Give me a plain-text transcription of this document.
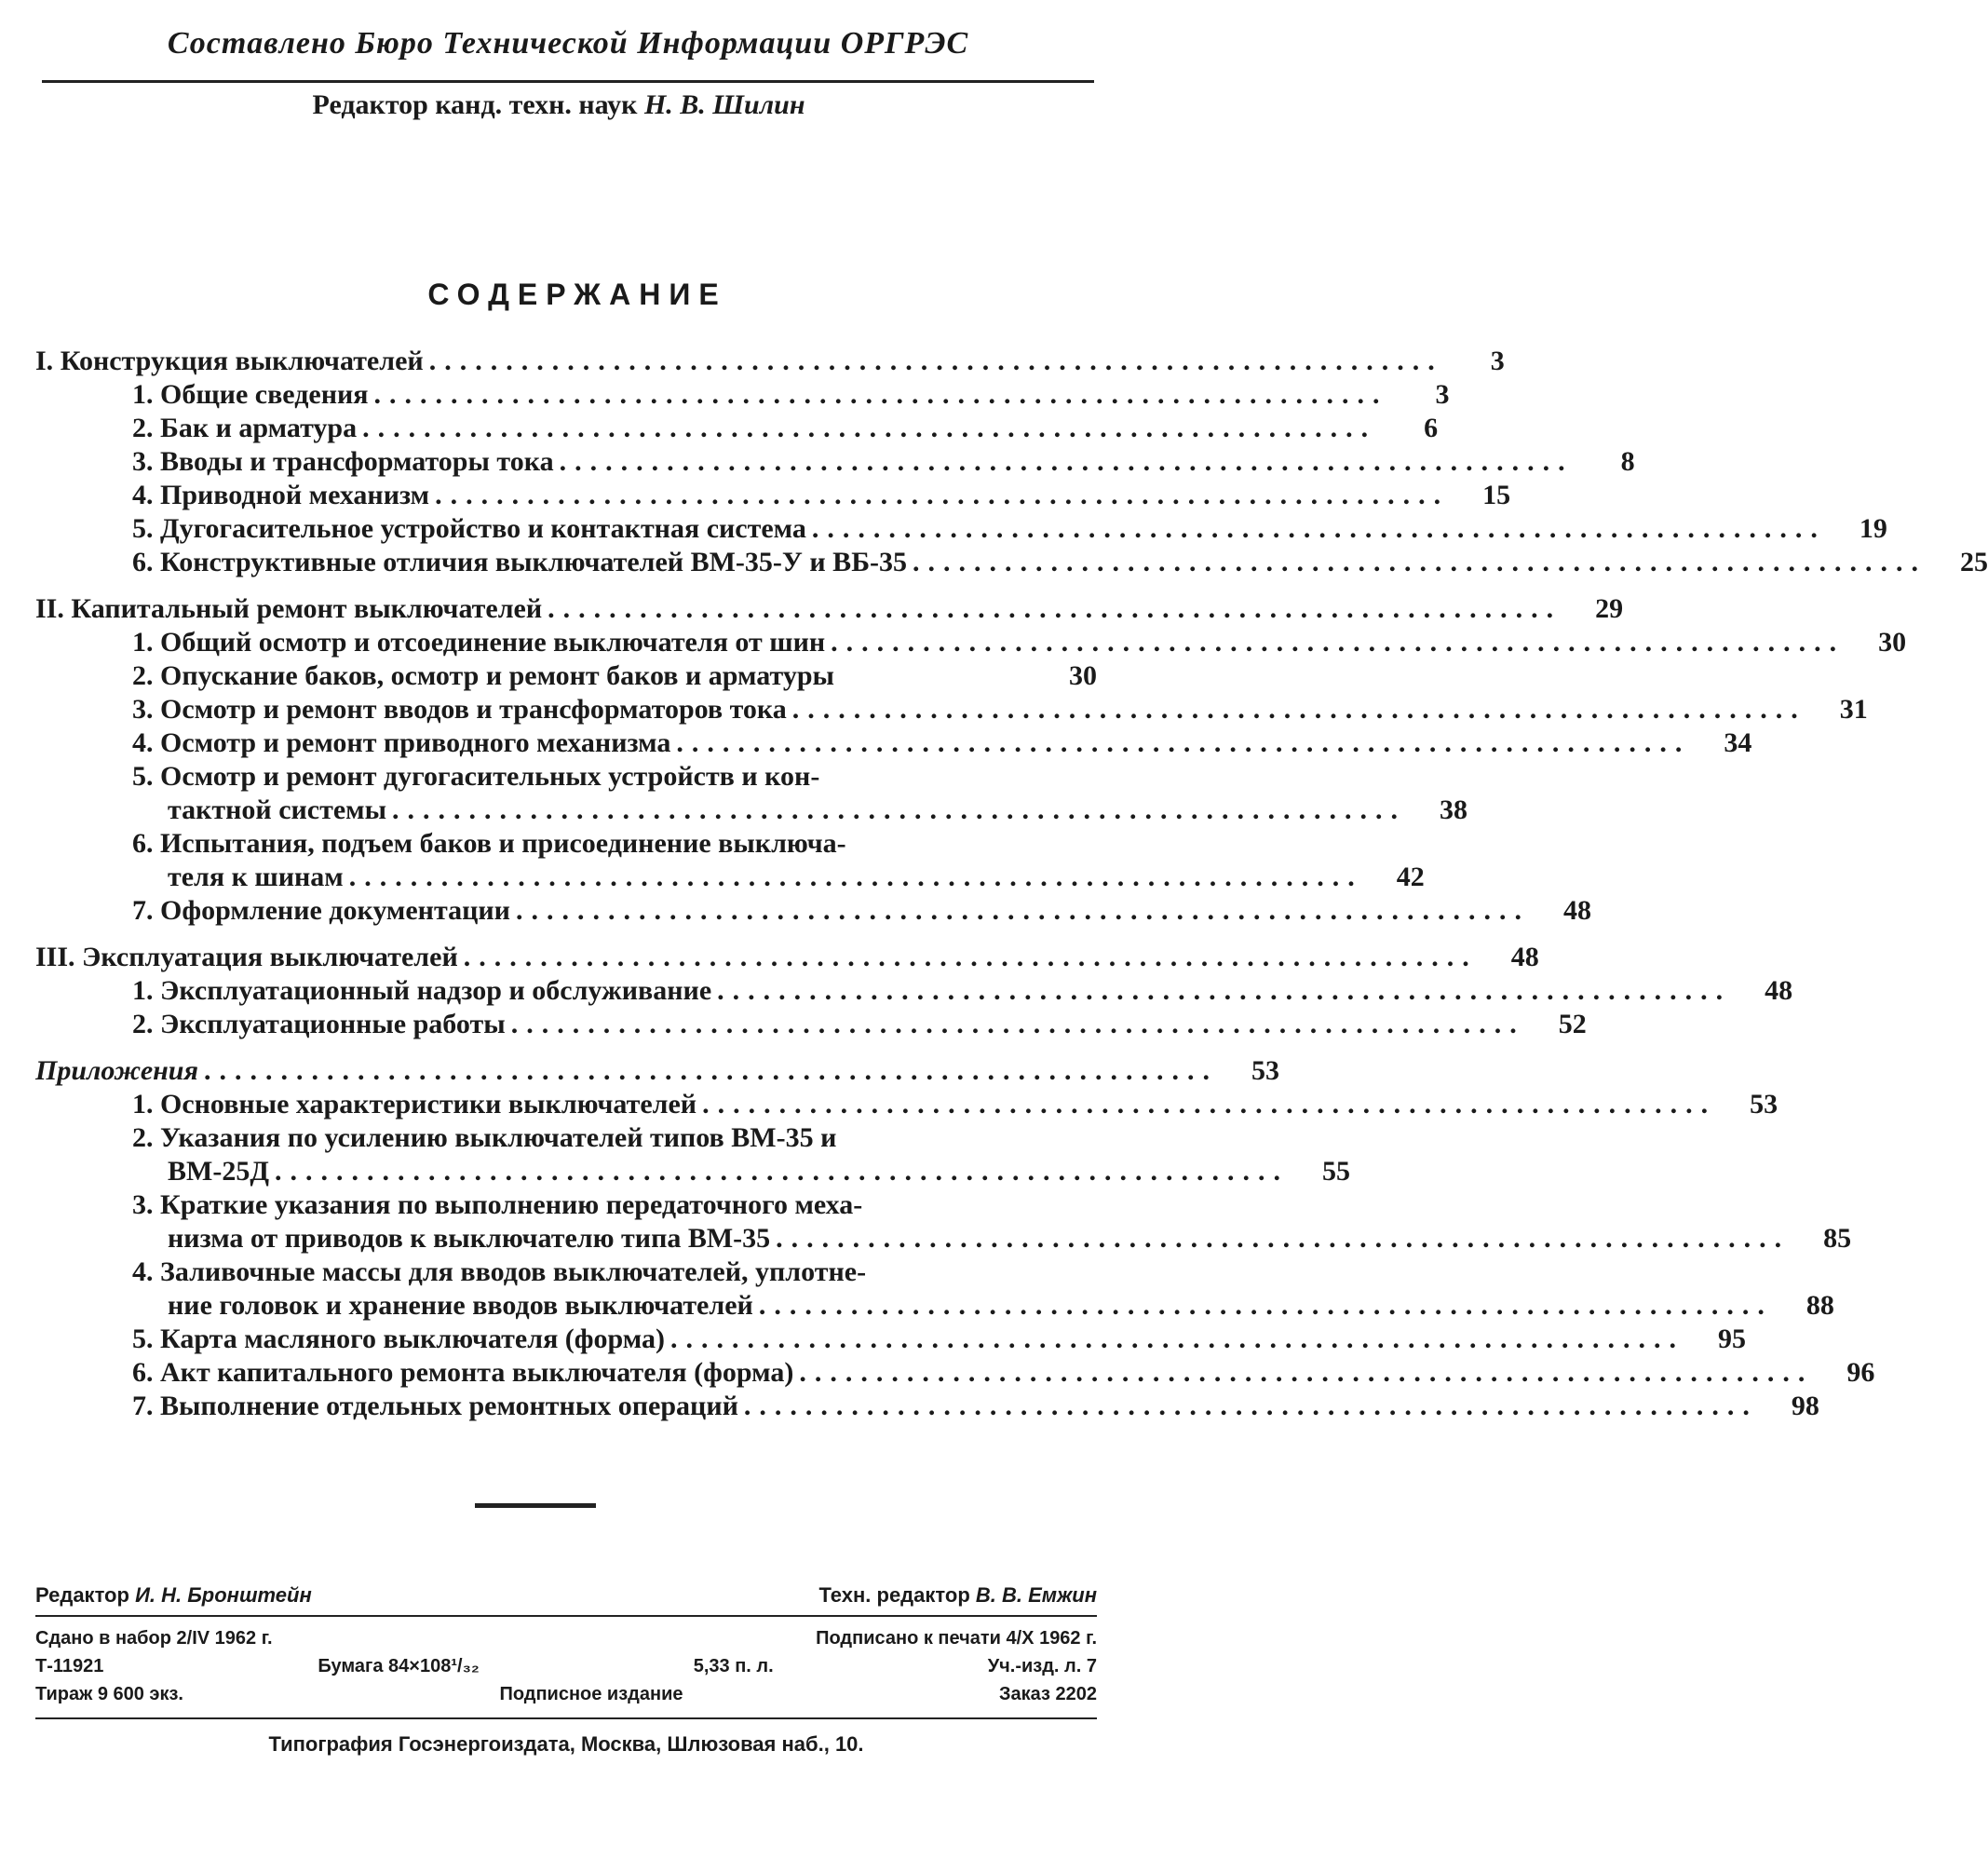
Составлено Бюро Технической Информации ОРГРЭС
Редактор канд. техн. наук Н. В. Шилин
СОДЕРЖАНИЕ
I. Конструкция выключателей ..................................................................	3
1. Общие сведения ..................................................................	3
2. Бак и арматура ..................................................................	6
3. Вводы и трансформаторы тока ..................................................................	8
4. Приводной механизм ..................................................................	15
5. Дугогасительное устройство и контактная система ..................................................................	19
6. Конструктивные отличия выключателей ВМ-35-У и ВБ-35 ..................................................................	25
II. Капитальный ремонт выключателей ..................................................................	29
1. Общий осмотр и отсоединение выключателя от шин ..................................................................	30
2. Опускание баков, осмотр и ремонт баков и арматуры	30
3. Осмотр и ремонт вводов и трансформаторов тока ..................................................................	31
4. Осмотр и ремонт приводного механизма ..................................................................	34
5. Осмотр и ремонт дугогасительных устройств и кон-
тактной системы ..................................................................	38
6. Испытания, подъем баков и присоединение выключа-
теля к шинам ..................................................................	42
7. Оформление документации ..................................................................	48
III. Эксплуатация выключателей ..................................................................	48
1. Эксплуатационный надзор и обслуживание ..................................................................	48
2. Эксплуатационные работы ..................................................................	52
Приложения ..................................................................	53
1. Основные характеристики выключателей ..................................................................	53
2. Указания по усилению выключателей типов ВМ-35 и
ВМ-25Д ..................................................................	55
3. Краткие указания по выполнению передаточного меха-
низма от приводов к выключателю типа ВМ-35 ..................................................................	85
4. Заливочные массы для вводов выключателей, уплотне-
ние головок и хранение вводов выключателей ..................................................................	88
5. Карта масляного выключателя (форма) ..................................................................	95
6. Акт капитального ремонта выключателя (форма) ..................................................................	96
7. Выполнение отдельных ремонтных операций ..................................................................	98
Редактор И. Н. Бронштейн	Техн. редактор В. В. Емжин
Сдано в набор 2/IV 1962 г.	Подписано к печати 4/X 1962 г.
Т-11921	Бумага 84×108¹/₃₂	5,33 п. л.	Уч.-изд. л. 7
Тираж 9 600 экз.	Подписное издание	Заказ 2202
Типография Госэнергоиздата, Москва, Шлюзовая наб., 10.
